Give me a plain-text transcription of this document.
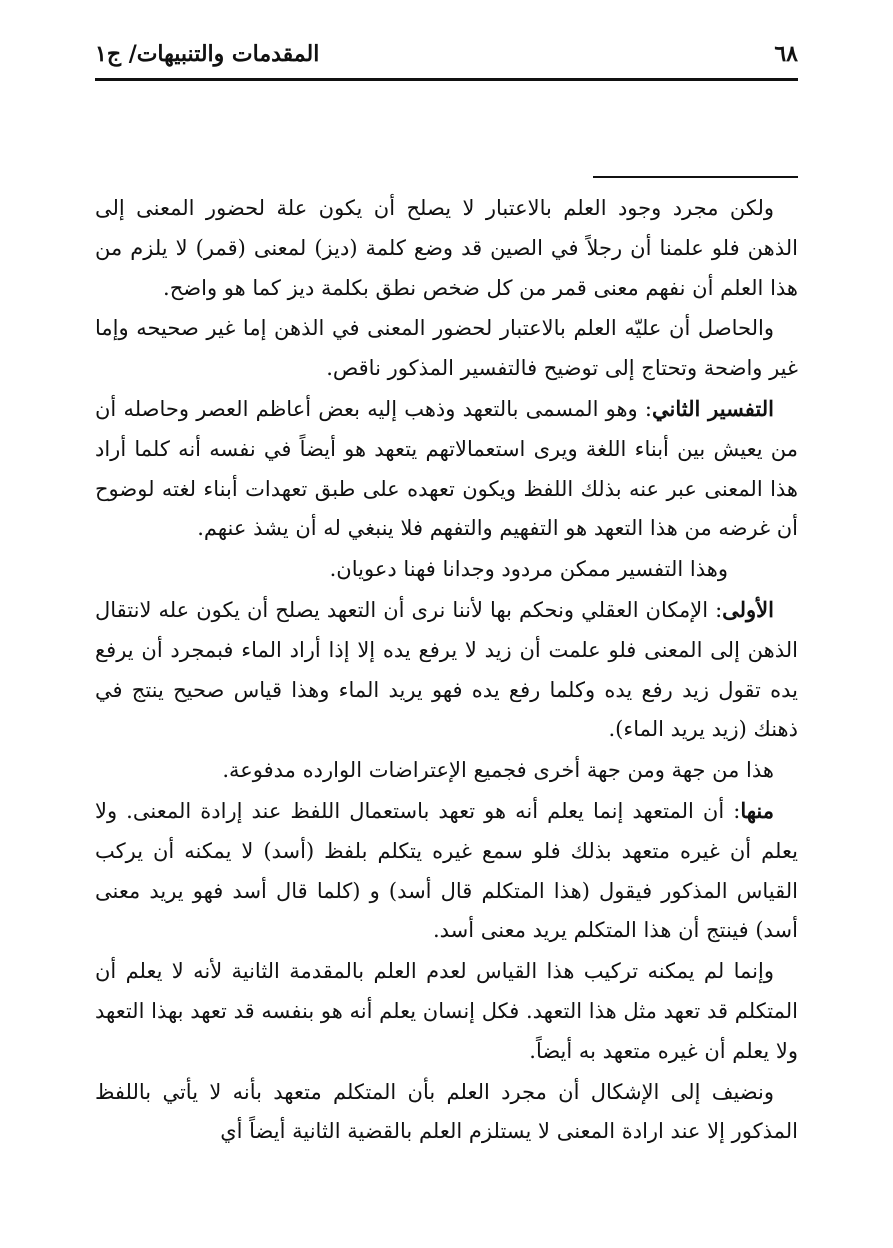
٦٨
المقدمات والتنبيهات/ ج١

ولكن مجرد وجود العلم بالاعتبار لا يصلح أن يكون علة لحضور المعنى إلى الذهن فلو علمنا أن رجلاً في الصين قد وضع كلمة (ديز) لمعنى (قمر) لا يلزم من هذا العلم أن نفهم معنى قمر من كل ضخص نطق بكلمة ديز كما هو واضح.

والحاصل أن عليّه العلم بالاعتبار لحضور المعنى في الذهن إما غير صحيحه وإما غير واضحة وتحتاج إلى توضيح فالتفسير المذكور ناقص.

التفسير الثاني: وهو المسمى بالتعهد وذهب إليه بعض أعاظم العصر وحاصله أن من يعيش بين أبناء اللغة ويرى استعمالاتهم يتعهد هو أيضاً في نفسه أنه كلما أراد هذا المعنى عبر عنه بذلك اللفظ ويكون تعهده على طبق تعهدات أبناء لغته لوضوح أن غرضه من هذا التعهد هو التفهيم والتفهم فلا ينبغي له أن يشذ عنهم.

وهذا التفسير ممكن مردود وجدانا فهنا دعويان.

الأولى: الإمكان العقلي ونحكم بها لأننا نرى أن التعهد يصلح أن يكون عله لانتقال الذهن إلى المعنى فلو علمت أن زيد لا يرفع يده إلا إذا أراد الماء فبمجرد أن يرفع يده تقول زيد رفع يده وكلما رفع يده فهو يريد الماء وهذا قياس صحيح ينتج في ذهنك (زيد يريد الماء).

هذا من جهة ومن جهة أخرى فجميع الإعتراضات الوارده مدفوعة.

منها: أن المتعهد إنما يعلم أنه هو تعهد باستعمال اللفظ عند إرادة المعنى. ولا يعلم أن غيره متعهد بذلك فلو سمع غيره يتكلم بلفظ (أسد) لا يمكنه أن يركب القياس المذكور فيقول (هذا المتكلم قال أسد) و (كلما قال أسد فهو يريد معنى أسد) فينتج أن هذا المتكلم يريد معنى أسد.

وإنما لم يمكنه تركيب هذا القياس لعدم العلم بالمقدمة الثانية لأنه لا يعلم أن المتكلم قد تعهد مثل هذا التعهد. فكل إنسان يعلم أنه هو بنفسه قد تعهد بهذا التعهد ولا يعلم أن غيره متعهد به أيضاً.

ونضيف إلى الإشكال أن مجرد العلم بأن المتكلم متعهد بأنه لا يأتي باللفظ المذكور إلا عند ارادة المعنى لا يستلزم العلم بالقضية الثانية أيضاً أي
